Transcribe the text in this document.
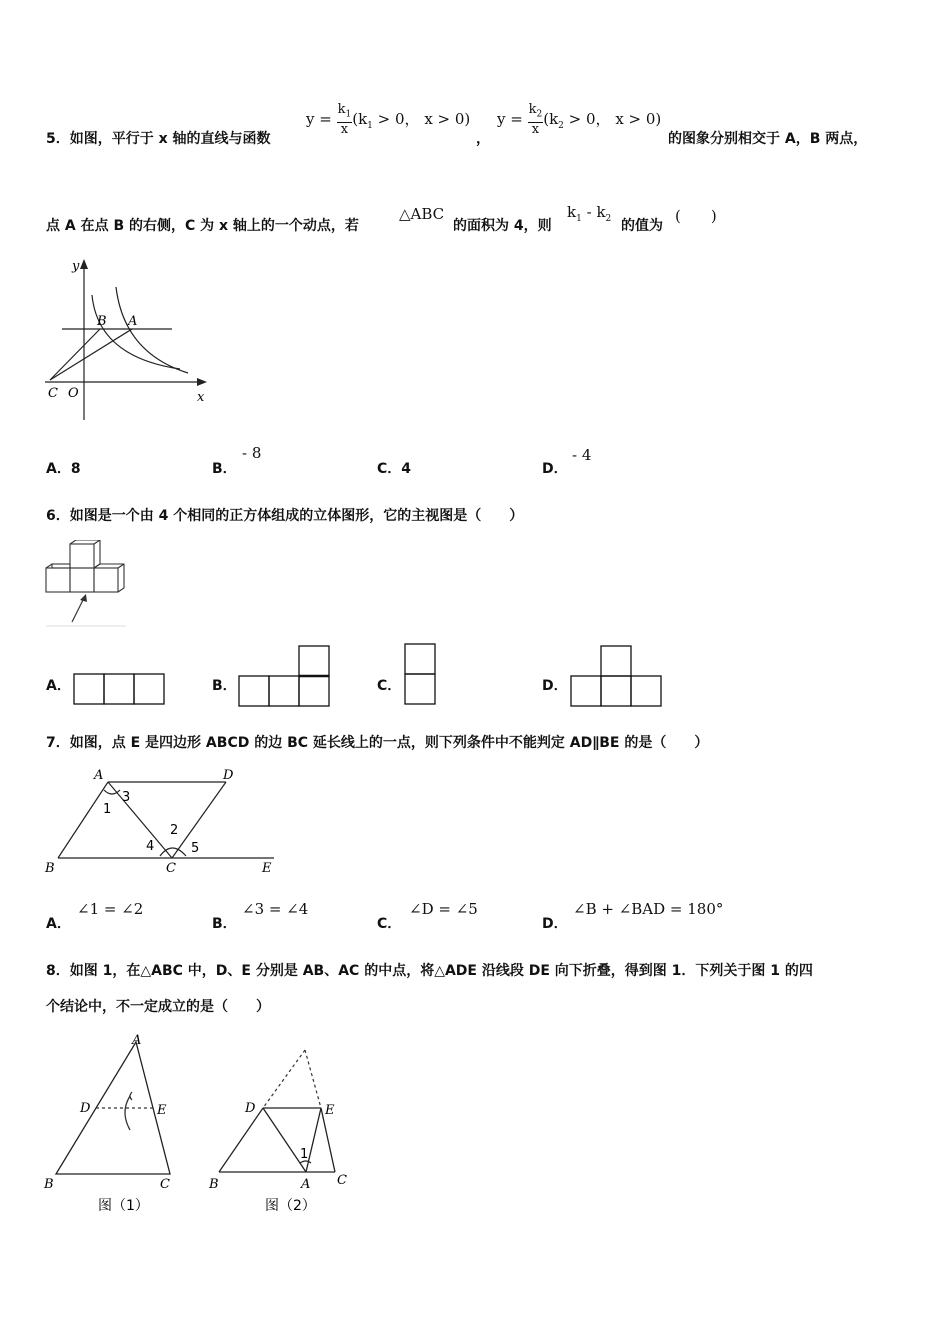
5．如图，平行于 x 轴的直线与函数
$y = \frac{k_1}{x} (k_1 > 0$， x > 0)
，
$y = \frac{k_2}{x} (k_2 > 0$， x > 0)
的图象分别相交于 A，B 两点，
点 A 在点 B 的右侧，C 为 x 轴上的一个动点，若
△ABC
的面积为 4，则
$k_1 - k_2$ 的值为
(　　)
y
B A
C O	x
A．8	B．
- 8
C．4	D．
- 4
6．如图是一个由 4 个相同的正方体组成的立体图形，它的主视图是（　　）
A．	B．	C．	D．
7．如图，点 E 是四边形 ABCD 的边 BC 延长线上的一点，则下列条件中不能判定 AD∥BE 的是（　　）
A	D
B	C	E
1
3
2
4	5
A．
∠1 = ∠2
B．
∠3 = ∠4
C．
∠D = ∠5
D．
∠B + ∠BAD = 180°
8．如图 1，在△ABC 中，D、E 分别是 AB、AC 的中点，将△ADE 沿线段 DE 向下折叠，得到图 1．下列关于图 1 的四
个结论中，不一定成立的是（　　）
A
D	E
B	C
图（1）
D	E
B	A C
1
图（2）
